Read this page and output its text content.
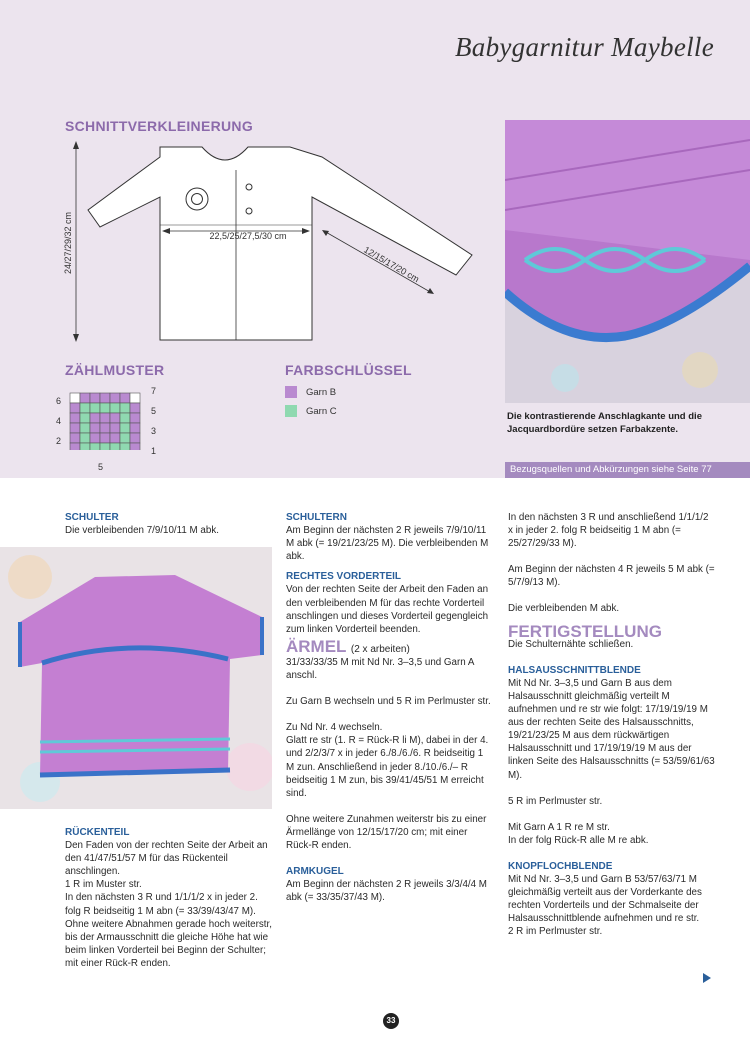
Babygarnitur Maybelle
SCHNITTVERKLEINERUNG
24/27/29/32 cm	22,5/25/27,5/30 cm
12/15/17/20 cm
Die kontrastierende Anschlagkante und die Jacquardbordüre setzen Farbakzente.
Bezugsquellen und Abkürzungen siehe Seite 77
ZÄHLMUSTER
6
4
2
7
5
3
1
5
FARBSCHLÜSSEL
Garn B
Garn C

SCHULTER

Die verbleibenden 7/9/10/11 M abk.

RÜCKENTEIL

Den Faden von der rechten Seite der Arbeit an den 41/47/51/57 M für das Rückenteil anschlingen.

1 R im Muster str.

In den nächsten 3 R und 1/1/1/2 x in jeder 2. folg R beidseitig 1 M abn (= 33/39/43/47 M). Ohne weitere Abnahmen gerade hoch weiterstr, bis der Armausschnitt die gleiche Höhe hat wie beim linken Vorderteil bei Beginn der Schulter; mit einer Rück-R enden.

SCHULTERN

Am Beginn der nächsten 2 R jeweils 7/9/10/11 M abk (= 19/21/23/25 M). Die verbleibenden M abk.

RECHTES VORDERTEIL

Von der rechten Seite der Arbeit den Faden an den verbleibenden M für das rechte Vorderteil anschlingen und dieses Vorderteil gegengleich zum linken Vorderteil beenden.

ÄRMEL (2 x arbeiten)

31/33/33/35 M mit Nd Nr. 3–3,5 und Garn A anschl.

Zu Garn B wechseln und 5 R im Perlmuster str.

Zu Nd Nr. 4 wechseln.

Glatt re str (1. R = Rück-R li M), dabei in der 4. und 2/2/3/7 x in jeder 6./8./6./6. R beidseitig 1 M zun. Anschließend in jeder 8./10./6./– R beidseitig 1 M zun, bis 39/41/45/51 M erreicht sind.

Ohne weitere Zunahmen weiterstr bis zu einer Ärmellänge von 12/15/17/20 cm; mit einer Rück-R enden.

ARMKUGEL

Am Beginn der nächsten 2 R jeweils 3/3/4/4 M abk (= 33/35/37/43 M).

In den nächsten 3 R und anschließend 1/1/1/2 x in jeder 2. folg R beidseitig 1 M abn (= 25/27/29/33 M).

Am Beginn der nächsten 4 R jeweils 5 M abk (= 5/7/9/13 M).

Die verbleibenden M abk.

FERTIGSTELLUNG

Die Schulternähte schließen.

HALSAUSSCHNITTBLENDE

Mit Nd Nr. 3–3,5 und Garn B aus dem Halsausschnitt gleichmäßig verteilt M aufnehmen und re str wie folgt: 17/19/19/19 M aus der rechten Seite des Halsausschnitts, 19/21/23/25 M aus dem rückwärtigen Halsausschnitt und 17/19/19/19 M aus der linken Seite des Halsausschnitts (= 53/59/61/63 M).

5 R im Perlmuster str.

Mit Garn A 1 R re M str.

In der folg Rück-R alle M re abk.

KNOPFLOCHBLENDE

Mit Nd Nr. 3–3,5 und Garn B 53/57/63/71 M gleichmäßig verteilt aus der Vorderkante des rechten Vorderteils und der Schmalseite der Halsausschnittblende aufnehmen und re str.

2 R im Perlmuster str.

33
